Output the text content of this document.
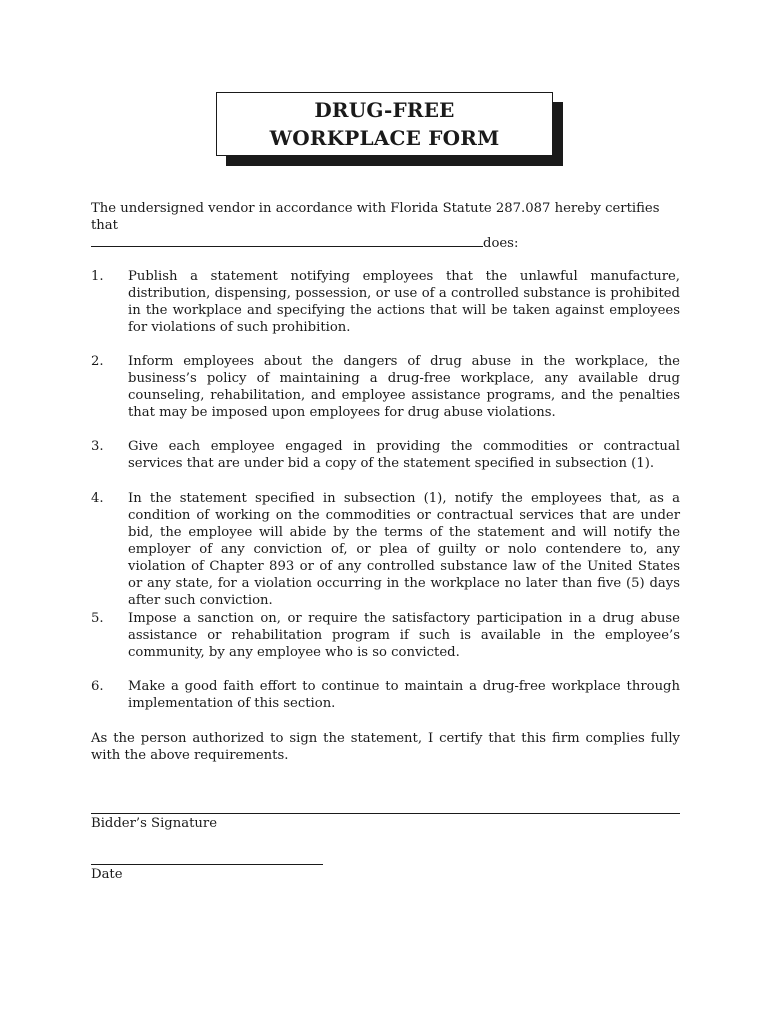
DRUG-FREE
WORKPLACE FORM

The undersigned vendor in accordance with Florida Statute 287.087 hereby certifies that

does:

1.	Publish a statement notifying employees that the unlawful manufacture, distribution, dispensing, possession, or use of a controlled substance is prohibited in the workplace and specifying the actions that will be taken against employees for violations of such prohibition.
2.	Inform employees about the dangers of drug abuse in the workplace, the business’s policy of maintaining a drug-free workplace, any available drug counseling, rehabilitation, and employee assistance programs, and the penalties that may be imposed upon employees for drug abuse violations.
3.	Give each employee engaged in providing the commodities or contractual services that are under bid a copy of the statement specified in subsection (1).
4.	In the statement specified in subsection (1), notify the employees that, as a condition of working on the commodities or contractual services that are under bid, the employee will abide by the terms of the statement and will notify the employer of any conviction of, or plea of guilty or nolo contendere to, any violation of Chapter 893 or of any controlled substance law of the United States or any state, for a violation occurring in the workplace no later than five (5) days after such conviction.
5.	Impose a sanction on, or require the satisfactory participation in a drug abuse assistance or rehabilitation program if such is available in the employee’s community, by any employee who is so convicted.
6.	Make a good faith effort to continue to maintain a drug-free workplace through implementation of this section.

As the person authorized to sign the statement, I certify that this firm complies fully with the above requirements.

Bidder’s Signature

Date
